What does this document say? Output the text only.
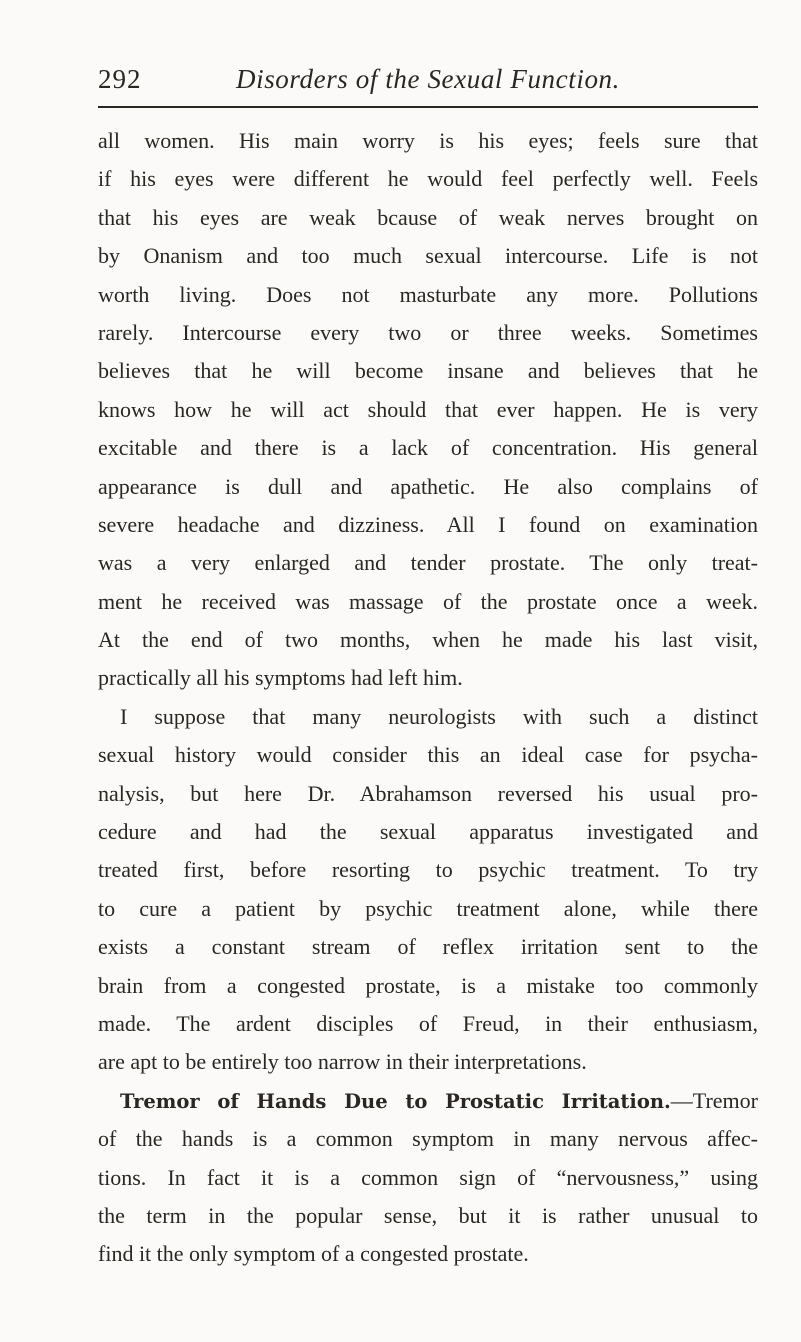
292	Disorders of the Sexual Function.
all women. His main worry is his eyes; feels sure that
if his eyes were different he would feel perfectly well. Feels
that his eyes are weak bcause of weak nerves brought on
by Onanism and too much sexual intercourse. Life is not
worth living. Does not masturbate any more. Pollutions
rarely. Intercourse every two or three weeks. Sometimes
believes that he will become insane and believes that he
knows how he will act should that ever happen. He is very
excitable and there is a lack of concentration. His general
appearance is dull and apathetic. He also complains of
severe headache and dizziness. All I found on examination
was a very enlarged and tender prostate. The only treat-
ment he received was massage of the prostate once a week.
At the end of two months, when he made his last visit,
practically all his symptoms had left him.
I suppose that many neurologists with such a distinct
sexual history would consider this an ideal case for psycha-
nalysis, but here Dr. Abrahamson reversed his usual pro-
cedure and had the sexual apparatus investigated and
treated first, before resorting to psychic treatment. To try
to cure a patient by psychic treatment alone, while there
exists a constant stream of reflex irritation sent to the
brain from a congested prostate, is a mistake too commonly
made. The ardent disciples of Freud, in their enthusiasm,
are apt to be entirely too narrow in their interpretations.
Tremor of Hands Due to Prostatic Irritation.—Tremor
of the hands is a common symptom in many nervous affec-
tions. In fact it is a common sign of “nervousness,” using
the term in the popular sense, but it is rather unusual to
find it the only symptom of a congested prostate.
